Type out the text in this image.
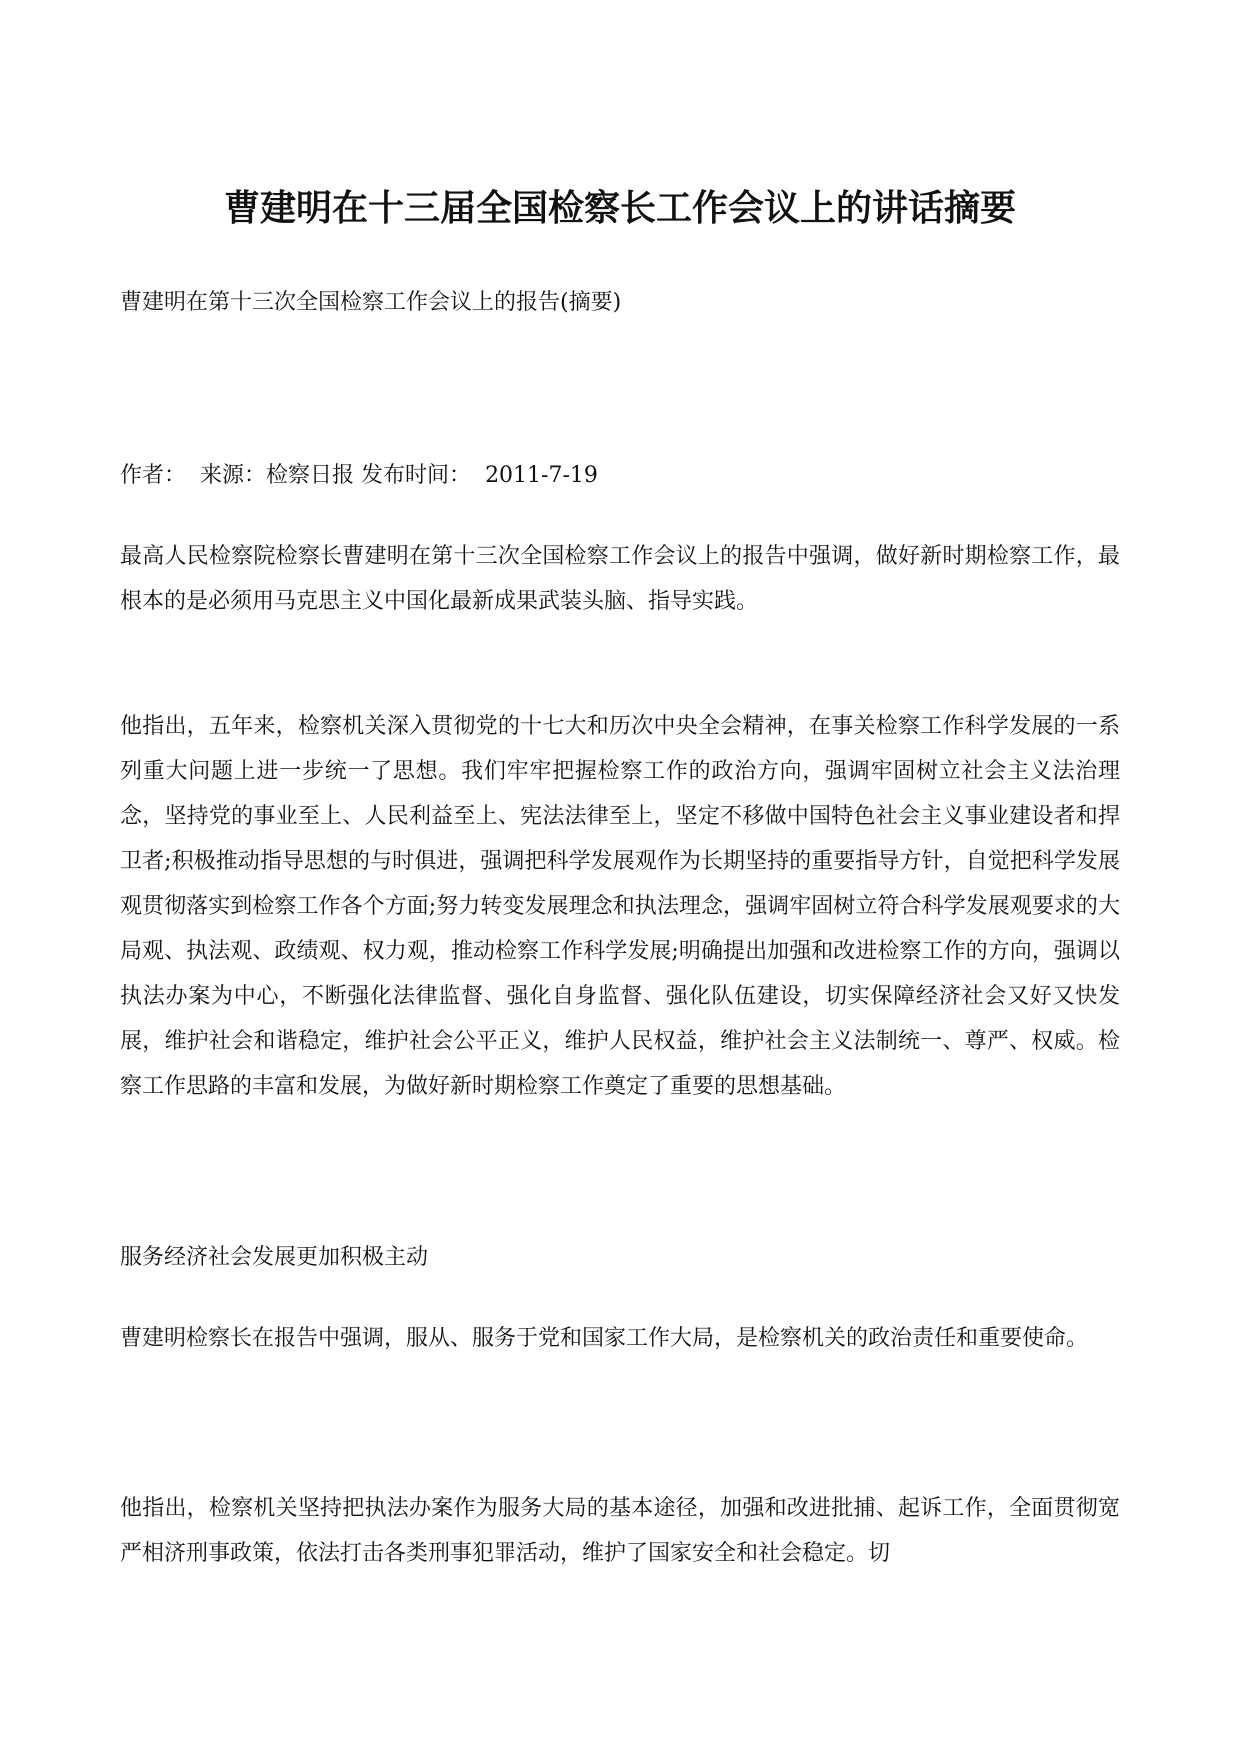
曹建明在十三届全国检察长工作会议上的讲话摘要

曹建明在第十三次全国检察工作会议上的报告(摘要)

作者： 来源：检察日报 发布时间： 2011-7-19

最高人民检察院检察长曹建明在第十三次全国检察工作会议上的报告中强调，做好新时期检察工作，最根本的是必须用马克思主义中国化最新成果武装头脑、指导实践。

他指出，五年来，检察机关深入贯彻党的十七大和历次中央全会精神，在事关检察工作科学发展的一系列重大问题上进一步统一了思想。我们牢牢把握检察工作的政治方向，强调牢固树立社会主义法治理念，坚持党的事业至上、人民利益至上、宪法法律至上，坚定不移做中国特色社会主义事业建设者和捍卫者;积极推动指导思想的与时俱进，强调把科学发展观作为长期坚持的重要指导方针，自觉把科学发展观贯彻落实到检察工作各个方面;努力转变发展理念和执法理念，强调牢固树立符合科学发展观要求的大局观、执法观、政绩观、权力观，推动检察工作科学发展;明确提出加强和改进检察工作的方向，强调以执法办案为中心，不断强化法律监督、强化自身监督、强化队伍建设，切实保障经济社会又好又快发展，维护社会和谐稳定，维护社会公平正义，维护人民权益，维护社会主义法制统一、尊严、权威。检察工作思路的丰富和发展，为做好新时期检察工作奠定了重要的思想基础。

服务经济社会发展更加积极主动

曹建明检察长在报告中强调，服从、服务于党和国家工作大局，是检察机关的政治责任和重要使命。

他指出，检察机关坚持把执法办案作为服务大局的基本途径，加强和改进批捕、起诉工作，全面贯彻宽严相济刑事政策，依法打击各类刑事犯罪活动，维护了国家安全和社会稳定。切
